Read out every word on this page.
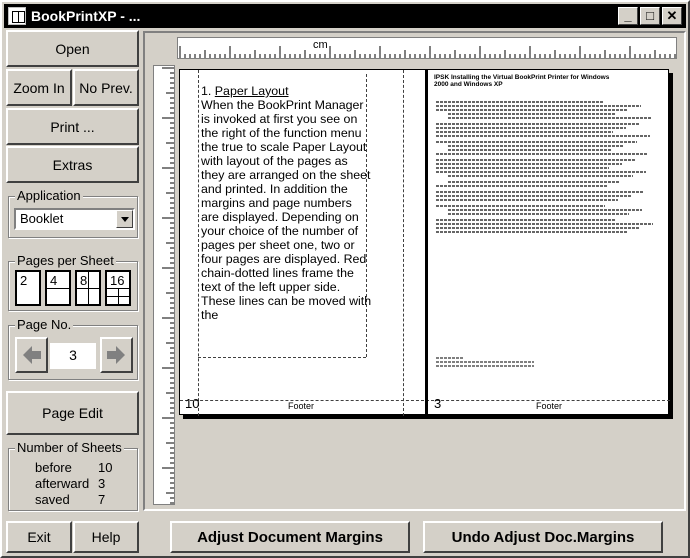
BookPrintXP - ...	_	□ ✕
Open
Zoom In	No Prev.
Print ...
Extras
Application
Booklet
Pages per Sheet
2 4 8 16
Page No.
3
Page Edit
Number of Sheets
before 10
afterward 3
saved 7
Exit	Help	Adjust Document Margins	Undo Adjust Doc.Margins
cm
1. Paper Layout
When the BookPrint Manager is invoked at first you see on the right of the function menu the true to scale Paper Layout with layout of the pages as they are arranged on the sheet and printed. In addition the margins and page numbers are displayed. Depending on your choice of the number of pages per sheet one, two or four pages are displayed. Red chain-dotted lines frame the text of the left upper side. These lines can be moved with the
10	Footer
IPSK Installing the Virtual BookPrint Printer for Windows 2000 and Windows XP
3	Footer
